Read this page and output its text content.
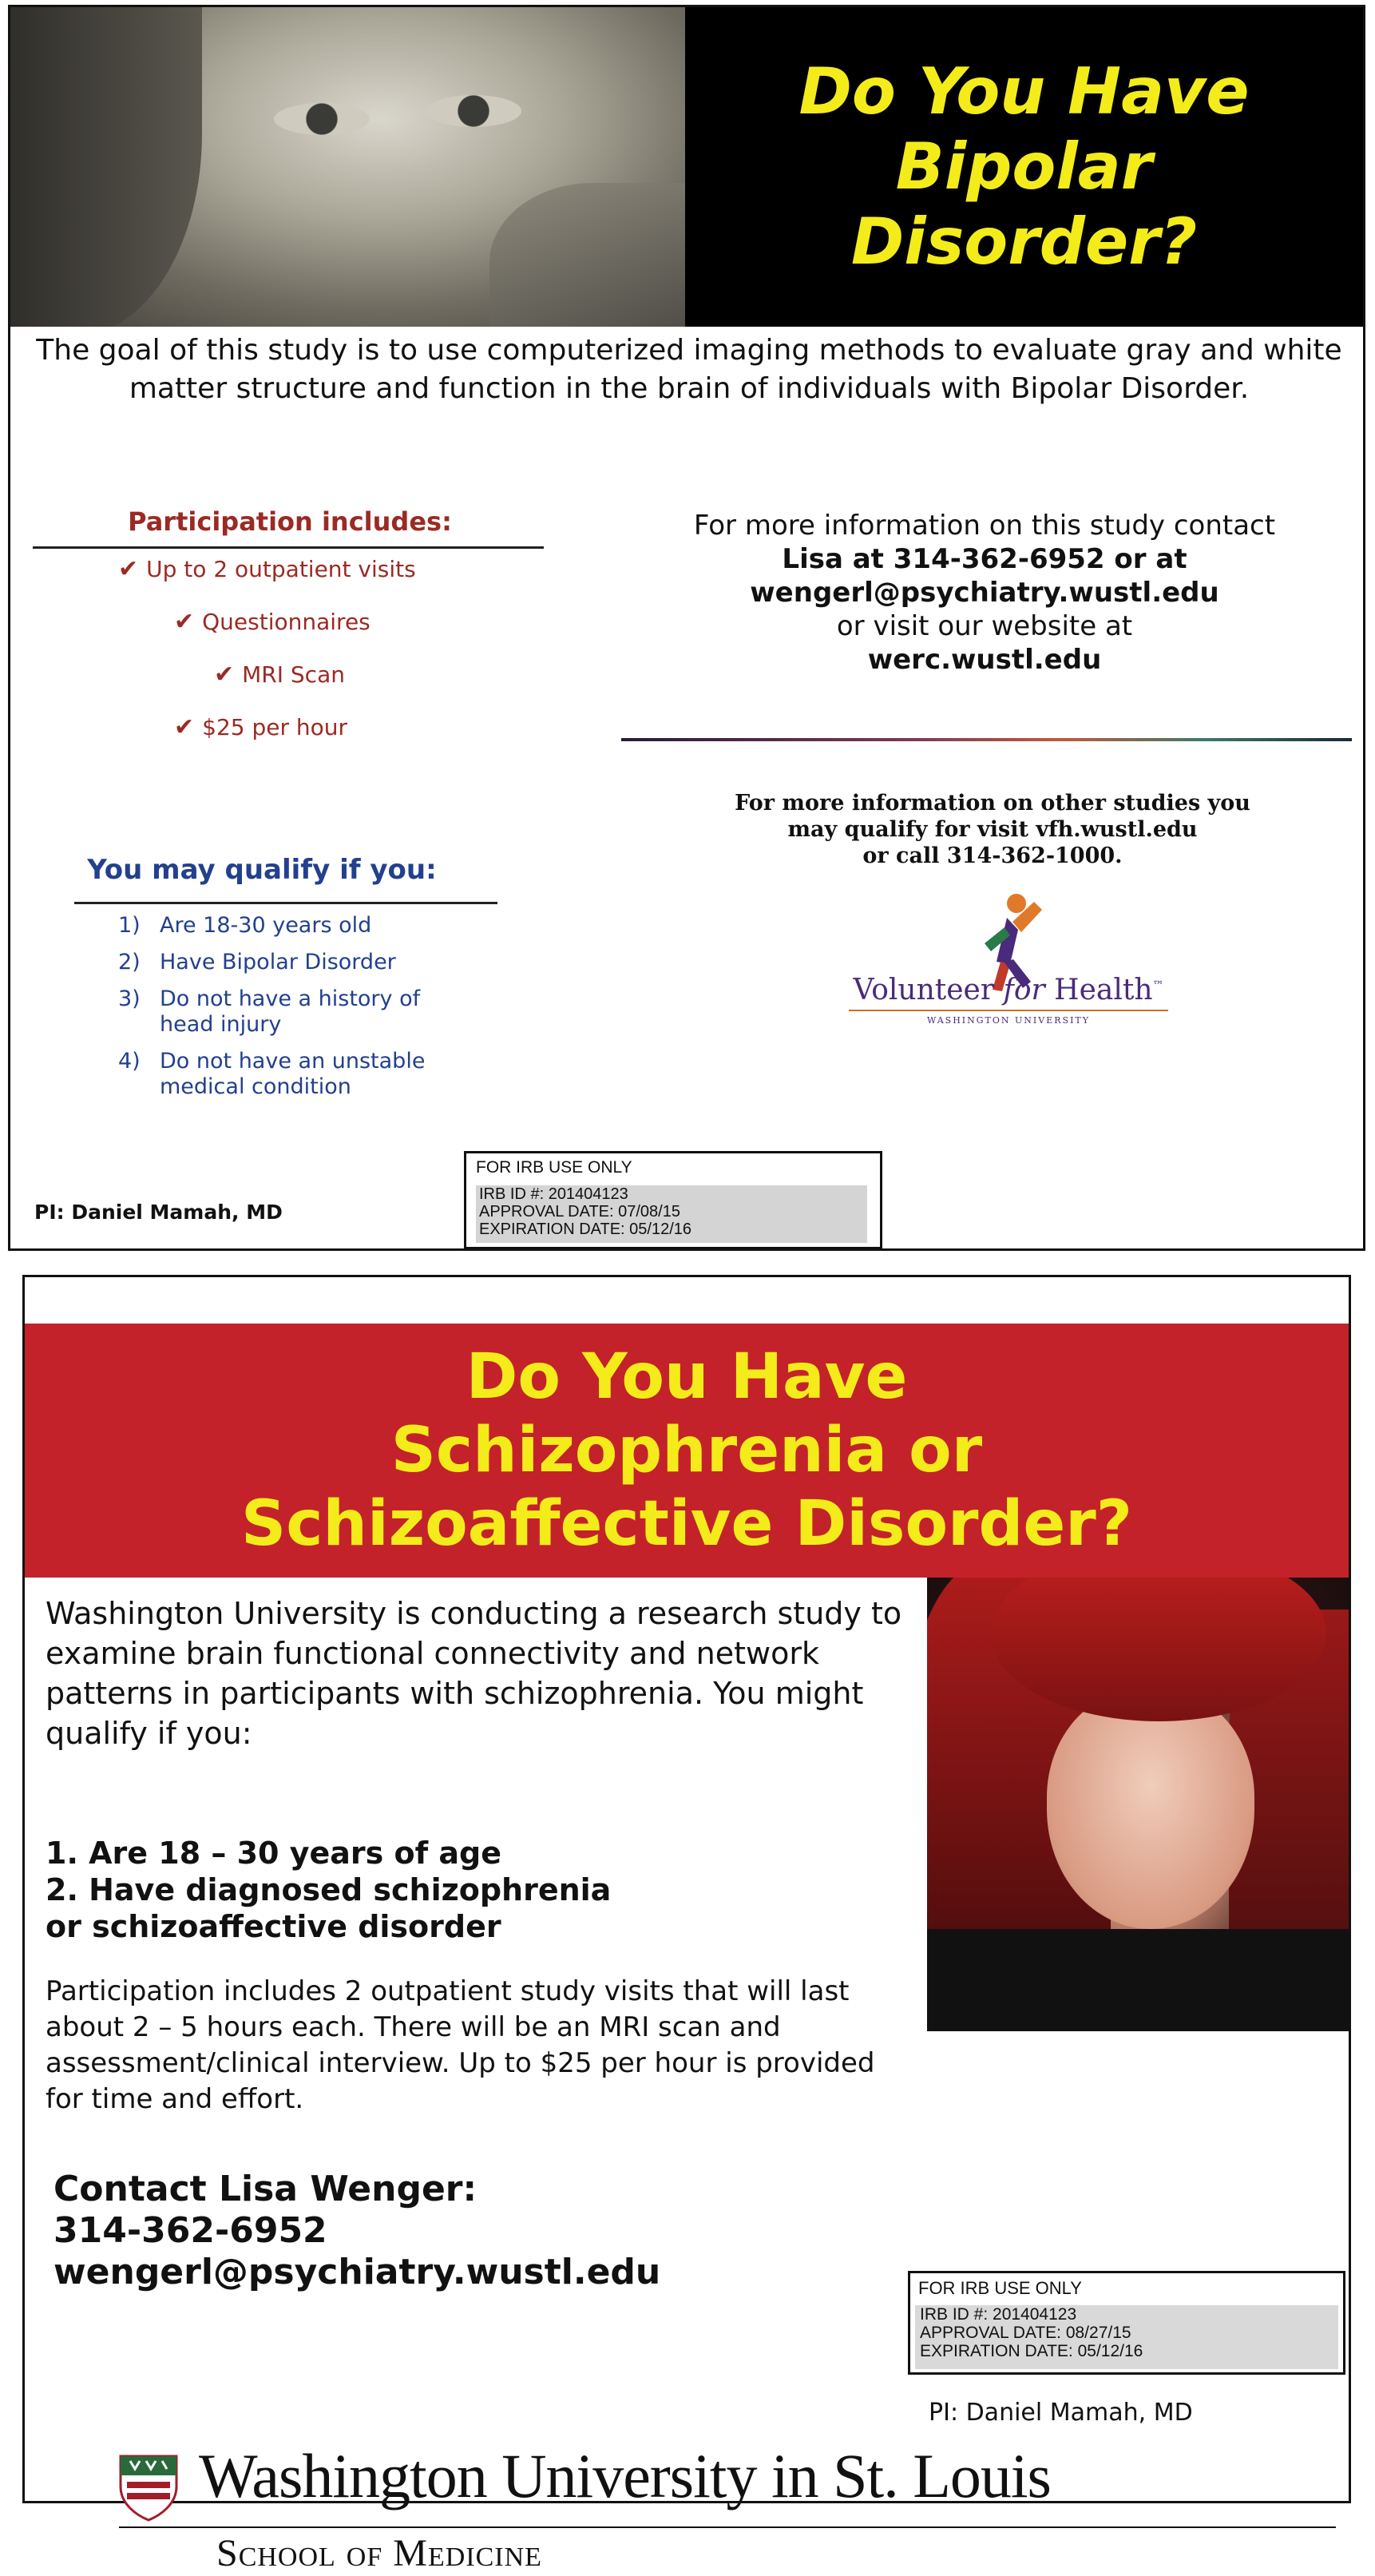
Do You Have
Bipolar
Disorder?

The goal of this study is to use computerized imaging methods to evaluate gray and white matter structure and function in the brain of individuals with Bipolar Disorder.

Participation includes:
✔ Up to 2 outpatient visits
✔ Questionnaires
✔ MRI Scan
✔ $25 per hour
You may qualify if you:
1) Are 18-30 years old
2) Have Bipolar Disorder
3) Do not have a history of head injury
4) Do not have an unstable medical condition
For more information on this study contact
Lisa at 314-362-6952 or at
wengerl@psychiatry.wustl.edu
or visit our website at
werc.wustl.edu
For more information on other studies you
may qualify for visit vfh.wustl.edu
or call 314-362-1000.
Volunteer for Health™
WASHINGTON UNIVERSITY

PI: Daniel Mamah, MD

FOR IRB USE ONLY
IRB ID #: 201404123
APPROVAL DATE: 07/08/15
EXPIRATION DATE: 05/12/16
Do You Have
Schizophrenia or
Schizoaffective Disorder?

Washington University is conducting a research study to examine brain functional connectivity and network patterns in participants with schizophrenia. You might qualify if you:

1. Are 18 – 30 years of age
2. Have diagnosed schizophrenia
or schizoaffective disorder

Participation includes 2 outpatient study visits that will last about 2 – 5 hours each. There will be an MRI scan and assessment/clinical interview. Up to $25 per hour is provided for time and effort.

Contact Lisa Wenger:
314-362-6952
wengerl@psychiatry.wustl.edu	FOR IRB USE ONLY
IRB ID #: 201404123
APPROVAL DATE: 08/27/15
EXPIRATION DATE: 05/12/16

PI: Daniel Mamah, MD

Washington University in St. Louis

School of Medicine
